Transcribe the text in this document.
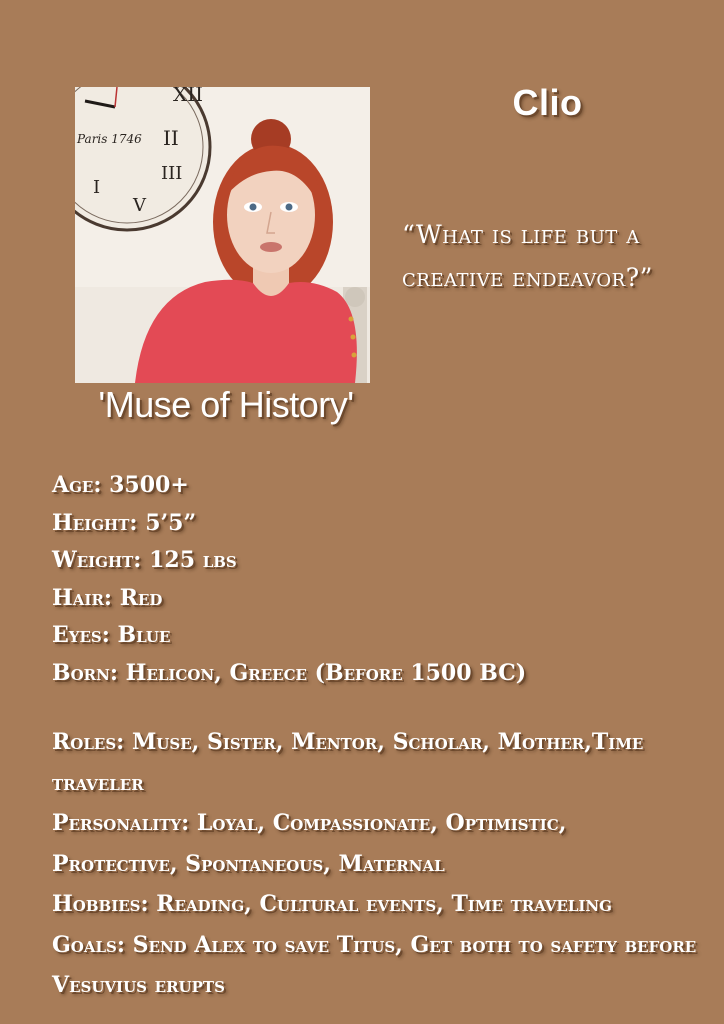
XII
II
III
V
I
Paris 1746
Clio
“What is life but a
creative endeavor?”
'Muse of History'
Age: 3500+
Height: 5’5”
Weight: 125 lbs
Hair: Red
Eyes: Blue
Born: Helicon, Greece (Before 1500 BC)
Roles: Muse, Sister, Mentor, Scholar, Mother,Time
traveler
Personality: Loyal, Compassionate, Optimistic,
Protective, Spontaneous, Maternal
Hobbies: Reading, Cultural events, Time traveling
Goals: Send Alex to save Titus, Get both to safety before
Vesuvius erupts
